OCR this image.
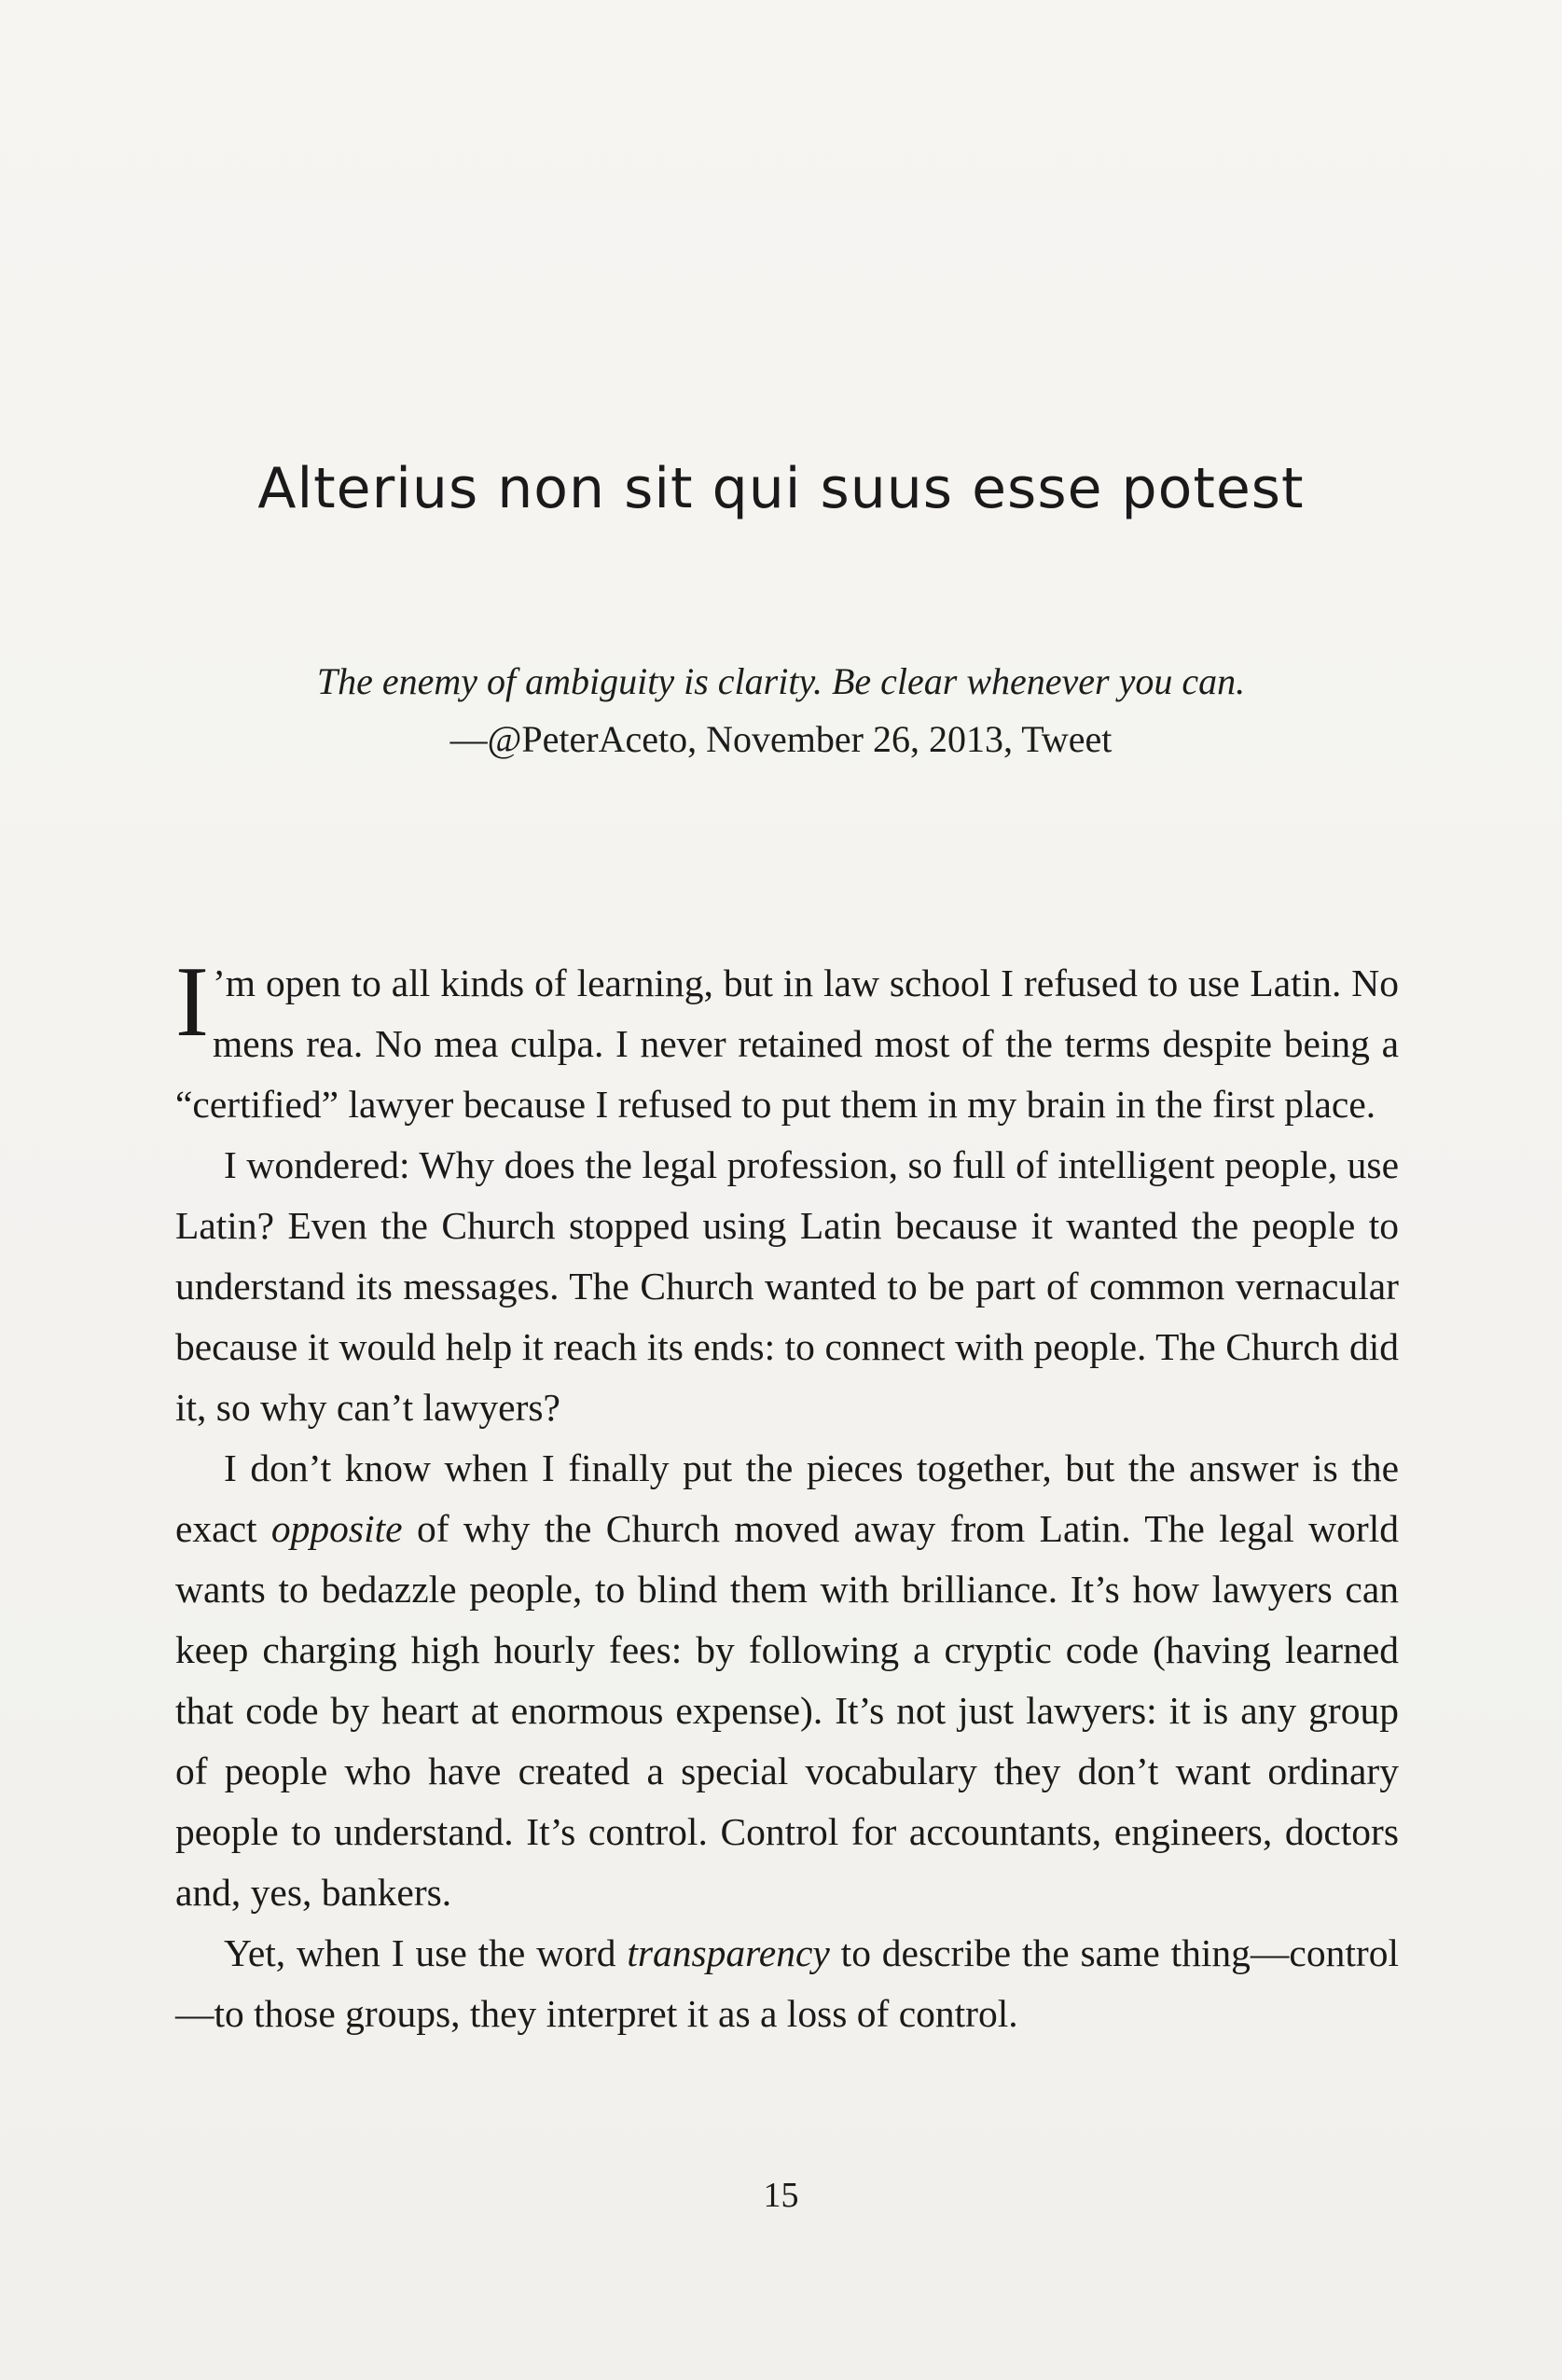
Alterius non sit qui suus esse potest
The enemy of ambiguity is clarity. Be clear whenever you can.
—@PeterAceto, November 26, 2013, Tweet

I ’m open to all kinds of learning, but in law school I refused to use Latin. No mens rea. No mea culpa. I never retained most of the terms despite being a “certified” lawyer because I refused to put them in my brain in the first place.

I wondered: Why does the legal profession, so full of intelligent people, use Latin? Even the Church stopped using Latin because it wanted the people to understand its messages. The Church wanted to be part of common vernacular because it would help it reach its ends: to connect with people. The Church did it, so why can’t lawyers?

I don’t know when I finally put the pieces together, but the answer is the exact opposite of why the Church moved away from Latin. The legal world wants to bedazzle people, to blind them with brilliance. It’s how lawyers can keep charging high hourly fees: by following a cryptic code (having learned that code by heart at enormous expense). It’s not just lawyers: it is any group of people who have created a special vocabulary they don’t want ordinary people to understand. It’s control. Control for accountants, engineers, doctors and, yes, bankers.

Yet, when I use the word transparency to describe the same thing—control—to those groups, they interpret it as a loss of control.

15
